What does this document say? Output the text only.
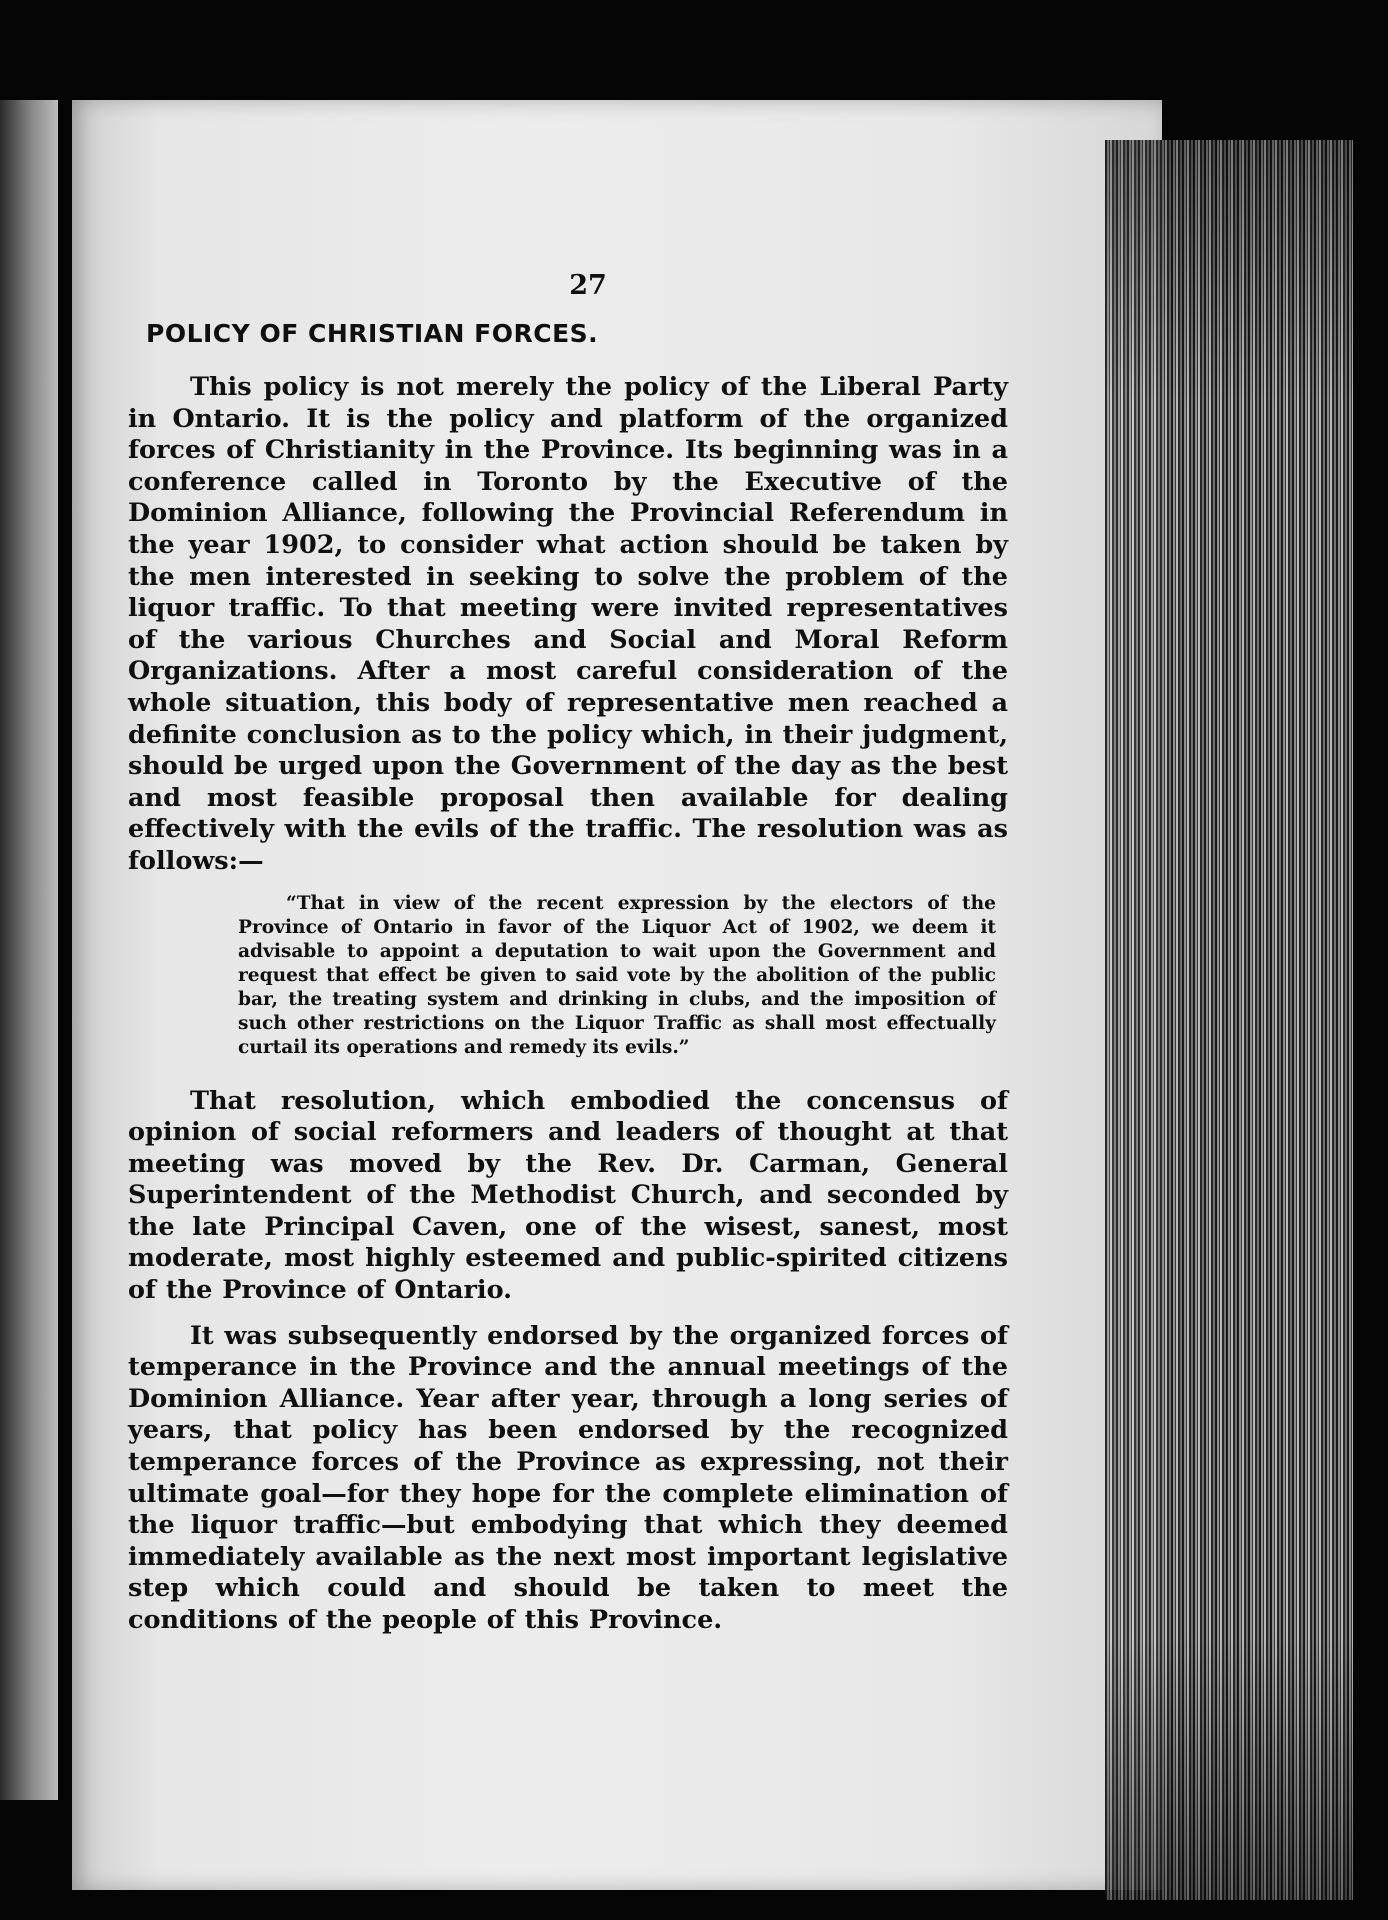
27
POLICY OF CHRISTIAN FORCES.

This policy is not merely the policy of the Liberal Party in Ontario. It is the policy and platform of the organized forces of Christianity in the Province. Its beginning was in a conference called in Toronto by the Executive of the Dominion Alliance, following the Provincial Referendum in the year 1902, to consider what action should be taken by the men interested in seeking to solve the problem of the liquor traffic. To that meeting were invited representatives of the various Churches and Social and Moral Reform Organizations. After a most careful consideration of the whole situation, this body of representative men reached a definite conclusion as to the policy which, in their judgment, should be urged upon the Government of the day as the best and most feasible proposal then available for dealing effectively with the evils of the traffic. The resolution was as follows:—

“That in view of the recent expression by the electors of the Province of Ontario in favor of the Liquor Act of 1902, we deem it advisable to appoint a deputation to wait upon the Government and request that effect be given to said vote by the abolition of the public bar, the treating system and drinking in clubs, and the imposition of such other restrictions on the Liquor Traffic as shall most effectually curtail its operations and remedy its evils.”

That resolution, which embodied the concensus of opinion of social reformers and leaders of thought at that meeting was moved by the Rev. Dr. Carman, General Superintendent of the Methodist Church, and seconded by the late Principal Caven, one of the wisest, sanest, most moderate, most highly esteemed and public-spirited citizens of the Province of Ontario.

It was subsequently endorsed by the organized forces of temperance in the Province and the annual meetings of the Dominion Alliance. Year after year, through a long series of years, that policy has been endorsed by the recognized temperance forces of the Province as expressing, not their ultimate goal—for they hope for the complete elimination of the liquor traffic—but embodying that which they deemed immediately available as the next most important legislative step which could and should be taken to meet the conditions of the people of this Province.
